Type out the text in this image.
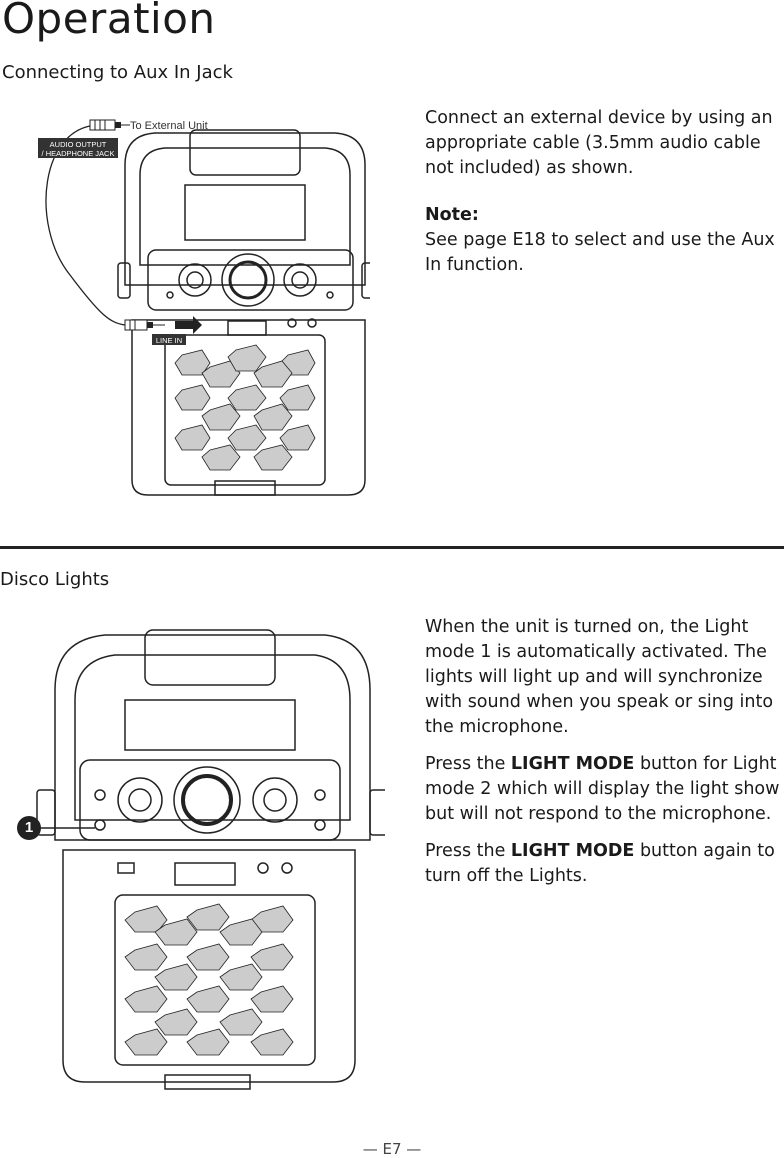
Operation
Connecting to Aux In Jack
To External Unit
AUDIO OUTPUT
/ HEADPHONE JACK
LINE IN

Connect an external device by using an appropriate cable (3.5mm audio cable not included) as shown.

Note:
See page E18 to select and use the Aux In function.

Disco Lights
1

When the unit is turned on, the Light mode 1 is automatically activated. The lights will light up and will synchronize with sound when you speak or sing into the microphone.

Press the LIGHT MODE button for Light mode 2 which will display the light show but will not respond to the microphone.

Press the LIGHT MODE button again to turn off the Lights.

— E7 —
